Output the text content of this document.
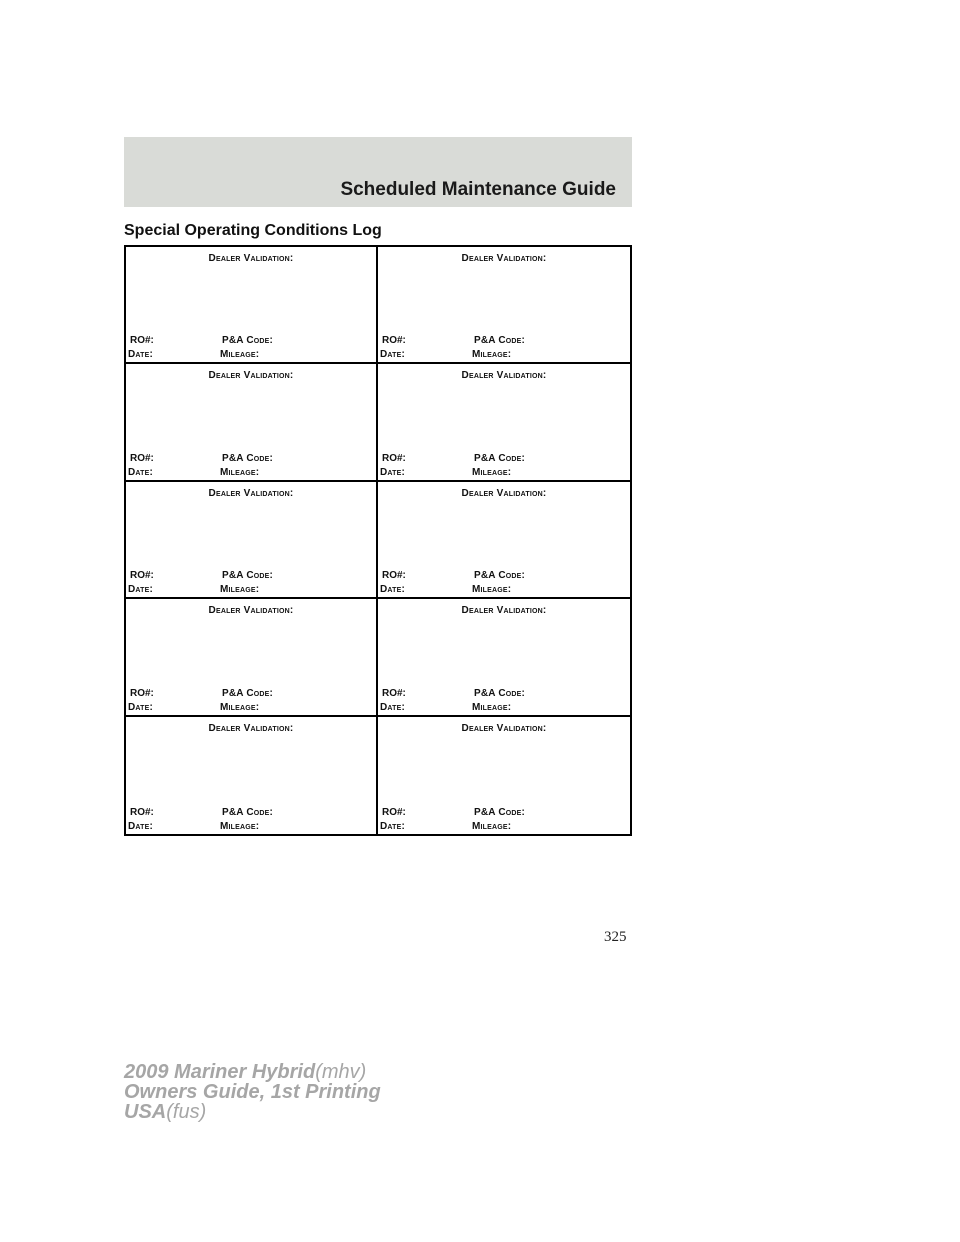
Scheduled Maintenance Guide
Special Operating Conditions Log
Dealer Validation:
RO#:	P&A Code:
Date:	Mileage:
Dealer Validation:
RO#:	P&A Code:
Date:	Mileage:
Dealer Validation:
RO#:	P&A Code:
Date:	Mileage:
Dealer Validation:
RO#:	P&A Code:
Date:	Mileage:
Dealer Validation:
RO#:	P&A Code:
Date:	Mileage:
Dealer Validation:
RO#:	P&A Code:
Date:	Mileage:
Dealer Validation:
RO#:	P&A Code:
Date:	Mileage:
Dealer Validation:
RO#:	P&A Code:
Date:	Mileage:
Dealer Validation:
RO#:	P&A Code:
Date:	Mileage:
Dealer Validation:
RO#:	P&A Code:
Date:	Mileage:
325
2009 Mariner Hybrid(mhv)
Owners Guide, 1st Printing
USA(fus)
